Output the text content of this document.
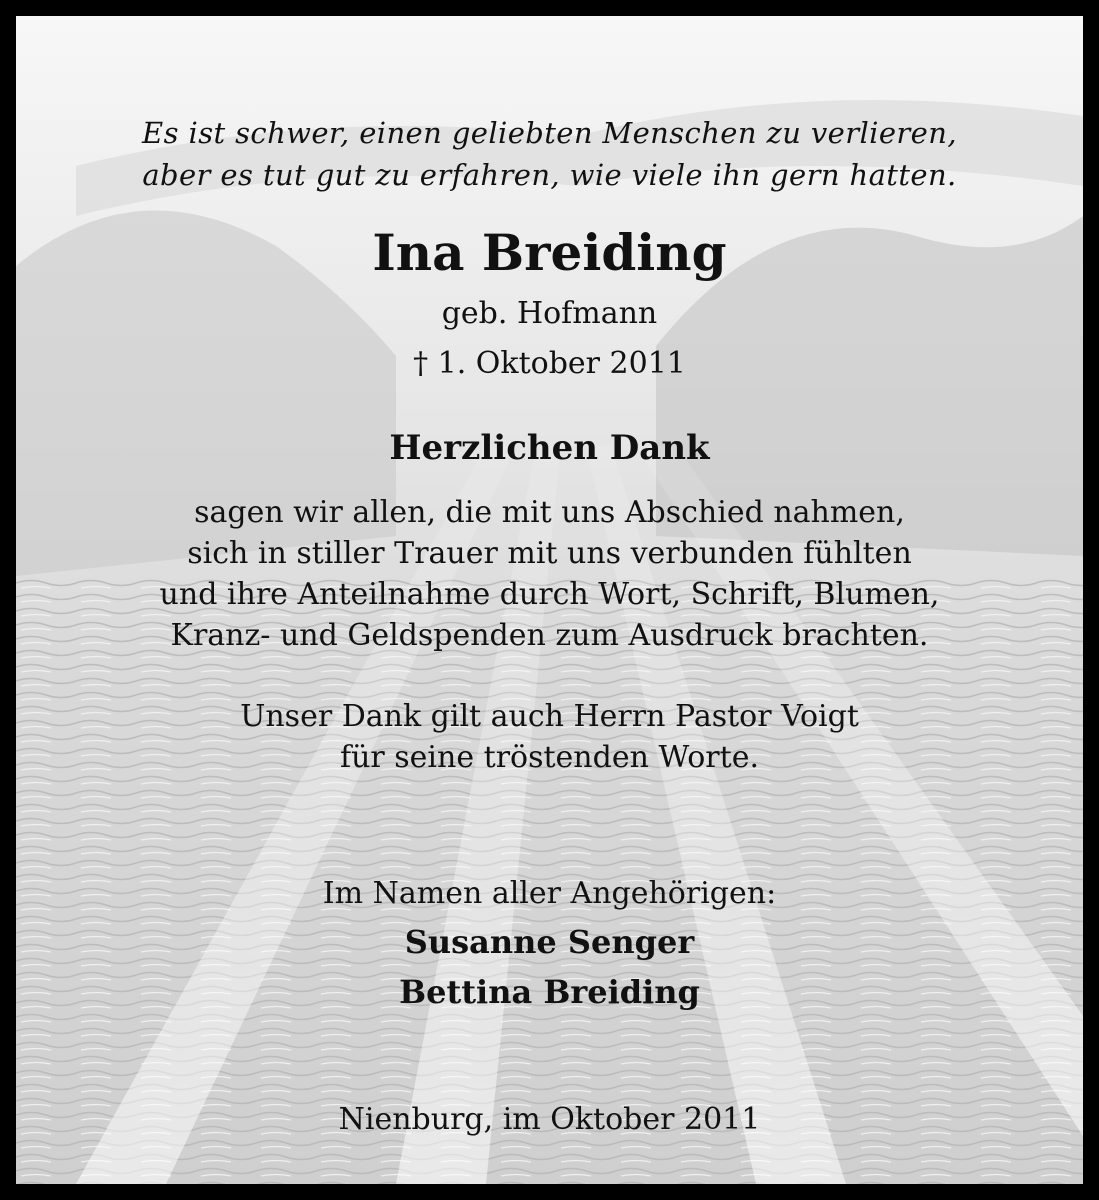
Es ist schwer, einen geliebten Menschen zu verlieren,
aber es tut gut zu erfahren, wie viele ihn gern hatten.
Ina Breiding
geb. Hofmann
† 1. Oktober 2011
Herzlichen Dank
sagen wir allen, die mit uns Abschied nahmen,
sich in stiller Trauer mit uns verbunden fühlten
und ihre Anteilnahme durch Wort, Schrift, Blumen,
Kranz- und Geldspenden zum Ausdruck brachten.
Unser Dank gilt auch Herrn Pastor Voigt
für seine tröstenden Worte.
Im Namen aller Angehörigen:
Susanne Senger
Bettina Breiding
Nienburg, im Oktober 2011
